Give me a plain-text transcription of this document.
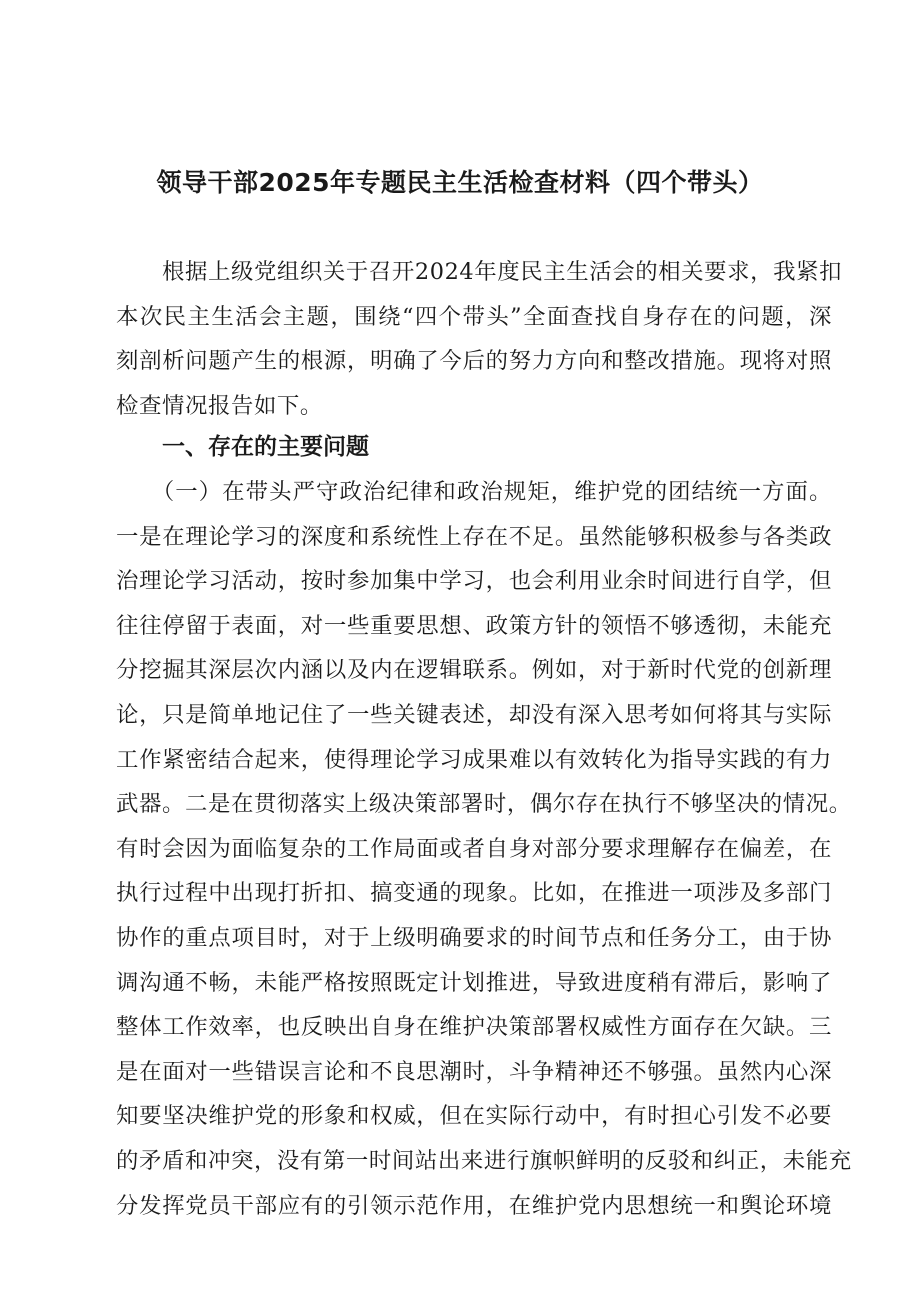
领导干部2025年专题民主生活检查材料（四个带头）
　　根据上级党组织关于召开2024年度民主生活会的相关要求，我紧扣
本次民主生活会主题，围绕“四个带头”全面查找自身存在的问题，深
刻剖析问题产生的根源，明确了今后的努力方向和整改措施。现将对照
检查情况报告如下。
一、存在的主要问题
　　（一）在带头严守政治纪律和政治规矩，维护党的团结统一方面。
一是在理论学习的深度和系统性上存在不足。虽然能够积极参与各类政
治理论学习活动，按时参加集中学习，也会利用业余时间进行自学，但
往往停留于表面，对一些重要思想、政策方针的领悟不够透彻，未能充
分挖掘其深层次内涵以及内在逻辑联系。例如，对于新时代党的创新理
论，只是简单地记住了一些关键表述，却没有深入思考如何将其与实际
工作紧密结合起来，使得理论学习成果难以有效转化为指导实践的有力
武器。二是在贯彻落实上级决策部署时，偶尔存在执行不够坚决的情况。
有时会因为面临复杂的工作局面或者自身对部分要求理解存在偏差，在
执行过程中出现打折扣、搞变通的现象。比如，在推进一项涉及多部门
协作的重点项目时，对于上级明确要求的时间节点和任务分工，由于协
调沟通不畅，未能严格按照既定计划推进，导致进度稍有滞后，影响了
整体工作效率，也反映出自身在维护决策部署权威性方面存在欠缺。三
是在面对一些错误言论和不良思潮时，斗争精神还不够强。虽然内心深
知要坚决维护党的形象和权威，但在实际行动中，有时担心引发不必要
的矛盾和冲突，没有第一时间站出来进行旗帜鲜明的反驳和纠正，未能充
分发挥党员干部应有的引领示范作用，在维护党内思想统一和舆论环境
